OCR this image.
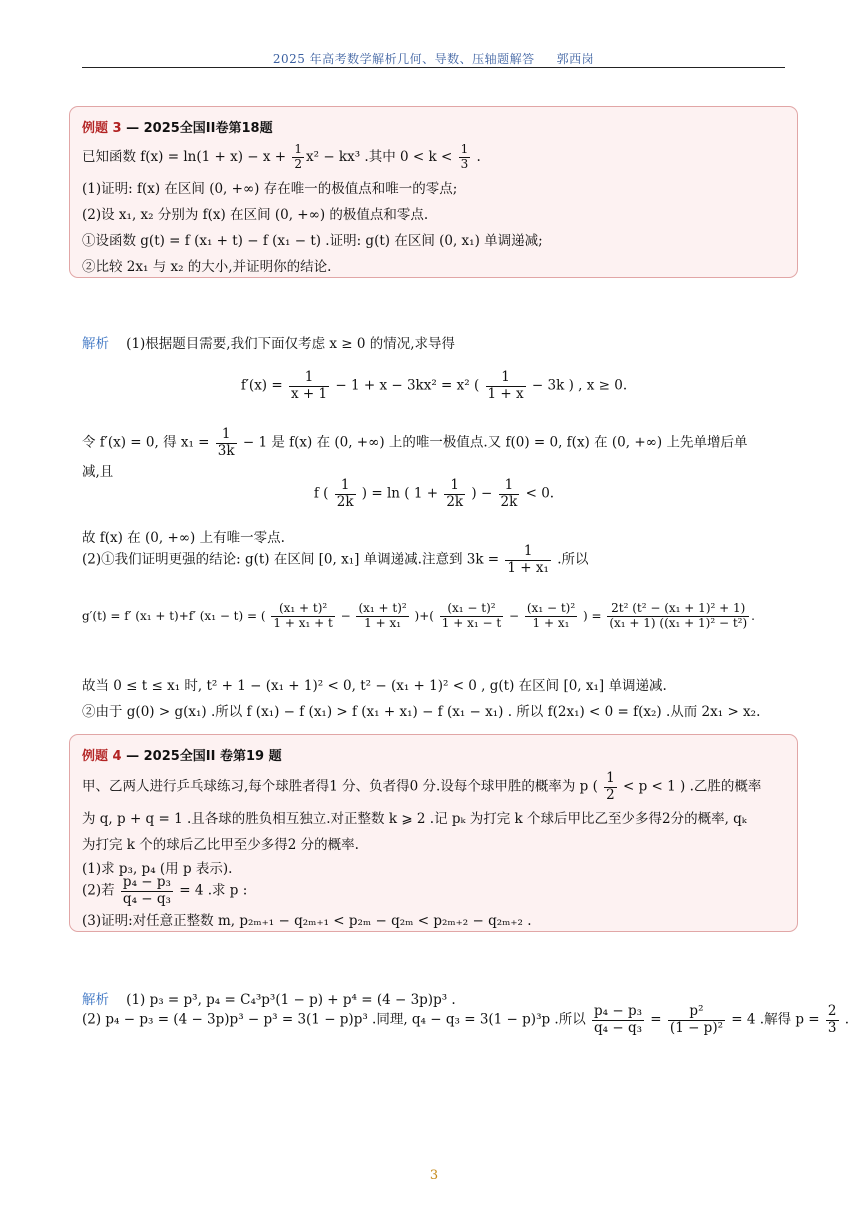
2025 年高考数学解析几何、导数、压轴题解答 郭西岗
例题 3 — 2025全国II卷第18题
已知函数 $f(x) = \ln(1 + x) - x + \frac{1}{2} x^2 - kx^3$ .其中 $0 < k < \frac{1}{3}$ .
(1)证明: f(x) 在区间 (0, +∞) 存在唯一的极值点和唯一的零点;
(2)设 x₁, x₂ 分别为 f(x) 在区间 (0, +∞) 的极值点和零点.
①设函数 g(t) = f (x₁ + t) − f (x₁ − t) .证明: g(t) 在区间 (0, x₁) 单调递减;
②比较 2x₁ 与 x₂ 的大小,并证明你的结论.
解析 (1)根据题目需要,我们下面仅考虑 x ≥ 0 的情况,求导得
$f'(x) = \frac{1}{x + 1} - 1 + x - 3kx^2 = x^2$ ( $\frac{1}{1 + x} - 3k$ ) , x ≥ 0.
令 f′(x) = 0, 得 $x_1 = \frac{1}{3k} - 1$ 是 f(x) 在 (0, +∞) 上的唯一极值点.又 f(0) = 0, f(x) 在 (0, +∞) 上先单增后单
减,且
f ( $\frac{1}{2k}$ ) = ln ( $1 + \frac{1}{2k}$ ) − $\frac{1}{2k} < 0$.
故 f(x) 在 (0, +∞) 上有唯一零点.
(2)①我们证明更强的结论: g(t) 在区间 [0, x₁] 单调递减.注意到 $3k = \frac{1}{\text{1 + x₁}}$ .所以
g′(t) = f′ (x₁ + t)+f′ (x₁ − t) = ( $\frac{\text{(x₁ + t)²}}{\text{1 + x₁ + t}} - \frac{\text{(x₁ + t)²}}{\text{1 + x₁}}$ )+( $\frac{\text{(x₁ − t)²}}{\text{1 + x₁ − t}} - \frac{\text{(x₁ − t)²}}{\text{1 + x₁}}$ ) = $\frac{\text{2t² (t² − (x₁ + 1)² + 1)}}{\text{(x₁ + 1) ((x₁ + 1)² − t²)}}$ .
故当 0 ≤ t ≤ x₁ 时, t² + 1 − (x₁ + 1)² < 0, t² − (x₁ + 1)² < 0 , g(t) 在区间 [0, x₁] 单调递减.
②由于 g(0) > g(x₁) .所以 f (x₁) − f (x₁) > f (x₁ + x₁) − f (x₁ − x₁) . 所以 f(2x₁) < 0 = f(x₂) .从而 2x₁ > x₂.
例题 4 — 2025全国II 卷第19 题
甲、乙两人进行乒乓球练习,每个球胜者得1 分、负者得0 分.设每个球甲胜的概率为 p ( $\frac{1}{2} < p < 1$ ) .乙胜的概率
为 q, p + q = 1 .且各球的胜负相互独立.对正整数 k ⩾ 2 .记 pₖ 为打完 k 个球后甲比乙至少多得2分的概率, qₖ
为打完 k 个的球后乙比甲至少多得2 分的概率.
(1)求 p₃, p₄ (用 p 表示).
(2)若 $\frac{\text{p₄ − p₃}}{\text{q₄ − q₃}} = 4$ .求 p :
(3)证明:对任意正整数 m, p₂ₘ₊₁ − q₂ₘ₊₁ < p₂ₘ − q₂ₘ < p₂ₘ₊₂ − q₂ₘ₊₂ .
解析 (1) p₃ = p³, p₄ = C₄³p³(1 − p) + p⁴ = (4 − 3p)p³ .
(2) p₄ − p₃ = (4 − 3p)p³ − p³ = 3(1 − p)p³ .同理, q₄ − q₃ = 3(1 − p)³p .所以 $\frac{\text{p₄ − p₃}}{\text{q₄ − q₃}} = \frac{\text{p²}}{\text{(1 − p)²}} = 4$ .解得 $p = \frac{2}{3}$ .
3
